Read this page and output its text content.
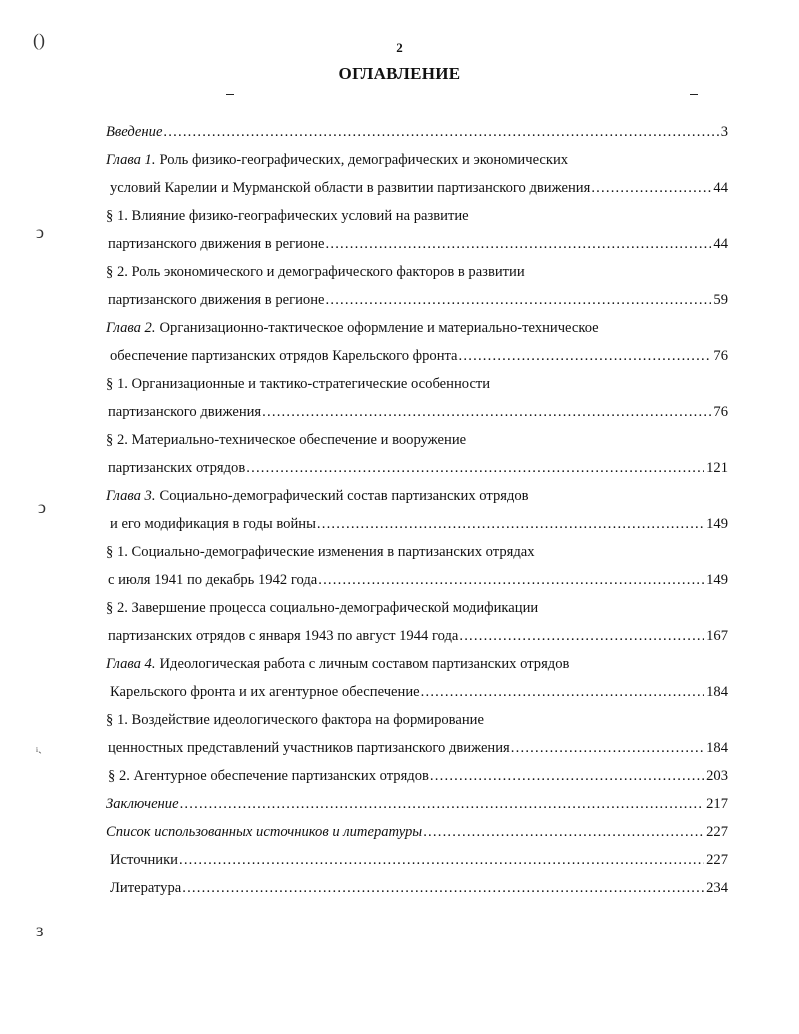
2
ОГЛАВЛЕНИЕ
()
ↄ
ↄ
ᵢˎ
ɜ
Введение .....	3
Глава 1. Роль физико-географических, демографических и экономических
условий Карелии и Мурманской области в развитии партизанского движения .....	44
§ 1. Влияние физико-географических условий на развитие
партизанского движения в регионе .....	44
§ 2. Роль экономического и демографического факторов в развитии
партизанского движения в регионе .....	59
Глава 2. Организационно-тактическое оформление и материально-техническое
обеспечение партизанских отрядов Карельского фронта .....	76
§ 1. Организационные и тактико-стратегические особенности
партизанского движения .....	76
§ 2. Материально-техническое обеспечение и вооружение
партизанских отрядов .....	121
Глава 3. Социально-демографический состав партизанских отрядов
и его модификация в годы войны .....	149
§ 1. Социально-демографические изменения в партизанских отрядах
с июля 1941 по декабрь 1942 года .....	149
§ 2. Завершение процесса социально-демографической модификации
партизанских отрядов с января 1943 по август 1944 года .....	167
Глава 4. Идеологическая работа с личным составом партизанских отрядов
Карельского фронта и их агентурное обеспечение .....	184
§ 1. Воздействие идеологического фактора на формирование
ценностных представлений участников партизанского движения .....	184
§ 2. Агентурное обеспечение партизанских отрядов .....	203
Заключение .....	217
Список использованных источников и литературы .....	227
Источники .....	227
Литература .....	234
